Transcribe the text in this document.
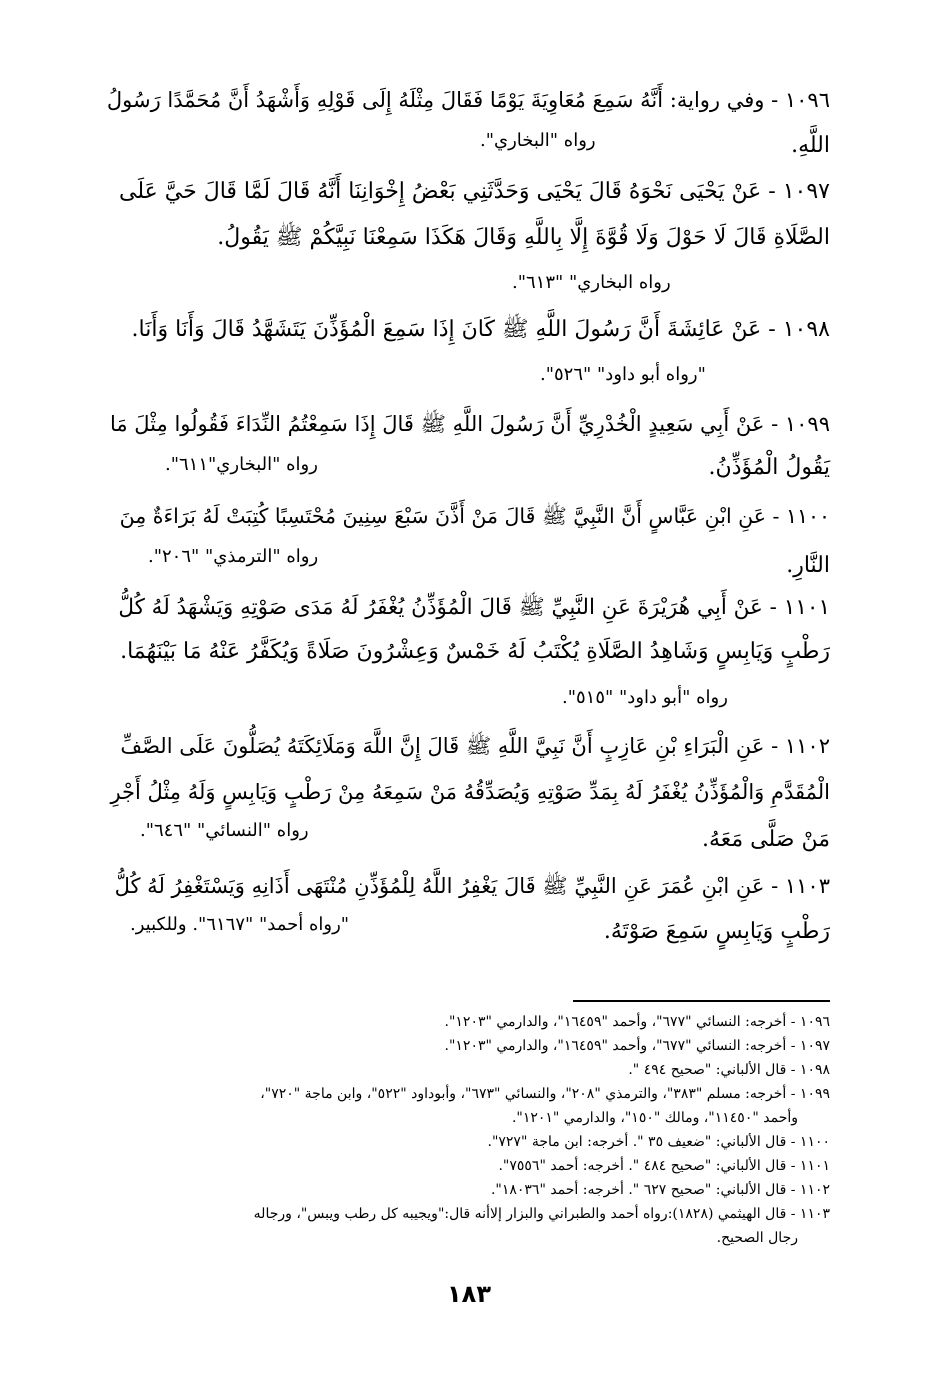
١٠٩٦ - وفي رواية: أَنَّهُ سَمِعَ مُعَاوِيَةَ يَوْمًا فَقَالَ مِثْلَهُ إِلَى قَوْلِهِ وَأَشْهَدُ أَنَّ مُحَمَّدًا رَسُولُ
اللَّهِ.
رواه "البخاري".
١٠٩٧ - عَنْ يَحْيَى نَحْوَهُ قَالَ يَحْيَى وَحَدَّثَنِي بَعْضُ إِخْوَانِنَا أَنَّهُ قَالَ لَمَّا قَالَ حَيَّ عَلَى
الصَّلَاةِ قَالَ لَا حَوْلَ وَلَا قُوَّةَ إِلَّا بِاللَّهِ وَقَالَ هَكَذَا سَمِعْنَا نَبِيَّكُمْ ﷺ يَقُولُ.
رواه البخاري" "٦١٣".
١٠٩٨ - عَنْ عَائِشَةَ أَنَّ رَسُولَ اللَّهِ ﷺ كَانَ إِذَا سَمِعَ الْمُؤَذِّنَ يَتَشَهَّدُ قَالَ وَأَنَا وَأَنَا.
"رواه أبو داود" "٥٢٦".
١٠٩٩ - عَنْ أَبِي سَعِيدٍ الْخُدْرِيِّ أَنَّ رَسُولَ اللَّهِ ﷺ قَالَ إِذَا سَمِعْتُمُ النِّدَاءَ فَقُولُوا مِثْلَ مَا
يَقُولُ الْمُؤَذِّنُ.
رواه "البخاري"٦١١".
١١٠٠ - عَنِ ابْنِ عَبَّاسٍ أَنَّ النَّبِيَّ ﷺ قَالَ مَنْ أَذَّنَ سَبْعَ سِنِينَ مُحْتَسِبًا كُتِبَتْ لَهُ بَرَاءَةٌ مِنَ
النَّارِ.
رواه "الترمذي" "٢٠٦".
١١٠١ - عَنْ أَبِي هُرَيْرَةَ عَنِ النَّبِيِّ ﷺ قَالَ الْمُؤَذِّنُ يُغْفَرُ لَهُ مَدَى صَوْتِهِ وَيَشْهَدُ لَهُ كُلُّ
رَطْبٍ وَيَابِسٍ وَشَاهِدُ الصَّلَاةِ يُكْتَبُ لَهُ خَمْسٌ وَعِشْرُونَ صَلَاةً وَيُكَفَّرُ عَنْهُ مَا بَيْنَهُمَا.
رواه "أبو داود" "٥١٥".
١١٠٢ - عَنِ الْبَرَاءِ بْنِ عَازِبٍ أَنَّ نَبِيَّ اللَّهِ ﷺ قَالَ إِنَّ اللَّهَ وَمَلَائِكَتَهُ يُصَلُّونَ عَلَى الصَّفِّ
الْمُقَدَّمِ وَالْمُؤَذِّنُ يُغْفَرُ لَهُ بِمَدِّ صَوْتِهِ وَيُصَدِّقُهُ مَنْ سَمِعَهُ مِنْ رَطْبٍ وَيَابِسٍ وَلَهُ مِثْلُ أَجْرِ
مَنْ صَلَّى مَعَهُ.
رواه "النسائي" "٦٤٦".
١١٠٣ - عَنِ ابْنِ عُمَرَ عَنِ النَّبِيِّ ﷺ قَالَ يَغْفِرُ اللَّهُ لِلْمُؤَذِّنِ مُنْتَهَى أَذَانِهِ وَيَسْتَغْفِرُ لَهُ كُلُّ
رَطْبٍ وَيَابِسٍ سَمِعَ صَوْتَهُ.
"رواه أحمد" "٦١٦٧". وللكبير.
١٠٩٦ - أخرجه: النسائي "٦٧٧"، وأحمد "١٦٤٥٩"، والدارمي "١٢٠٣".
١٠٩٧ - أخرجه: النسائي "٦٧٧"، وأحمد "١٦٤٥٩"، والدارمي "١٢٠٣".
١٠٩٨ - قال الألباني: "صحيح ٤٩٤ ".
١٠٩٩ - أخرجه: مسلم "٣٨٣"، والترمذي "٢٠٨"، والنسائي "٦٧٣"، وأبوداود "٥٢٢"، وابن ماجة "٧٢٠"،
وأحمد "١١٤٥٠"، ومالك "١٥٠"، والدارمي "١٢٠١".
١١٠٠ - قال الألباني: "ضعيف ٣٥ ". أخرجه: ابن ماجة "٧٢٧".
١١٠١ - قال الألباني: "صحيح ٤٨٤ ". أخرجه: أحمد "٧٥٥٦".
١١٠٢ - قال الألباني: "صحيح ٦٢٧ ". أخرجه: أحمد "١٨٠٣٦".
١١٠٣ - قال الهيثمي (١٨٢٨):رواه أحمد والطبراني والبزار إلاأنه قال:"ويجيبه كل رطب ويبس"، ورجاله
رجال الصحيح.
١٨٣
